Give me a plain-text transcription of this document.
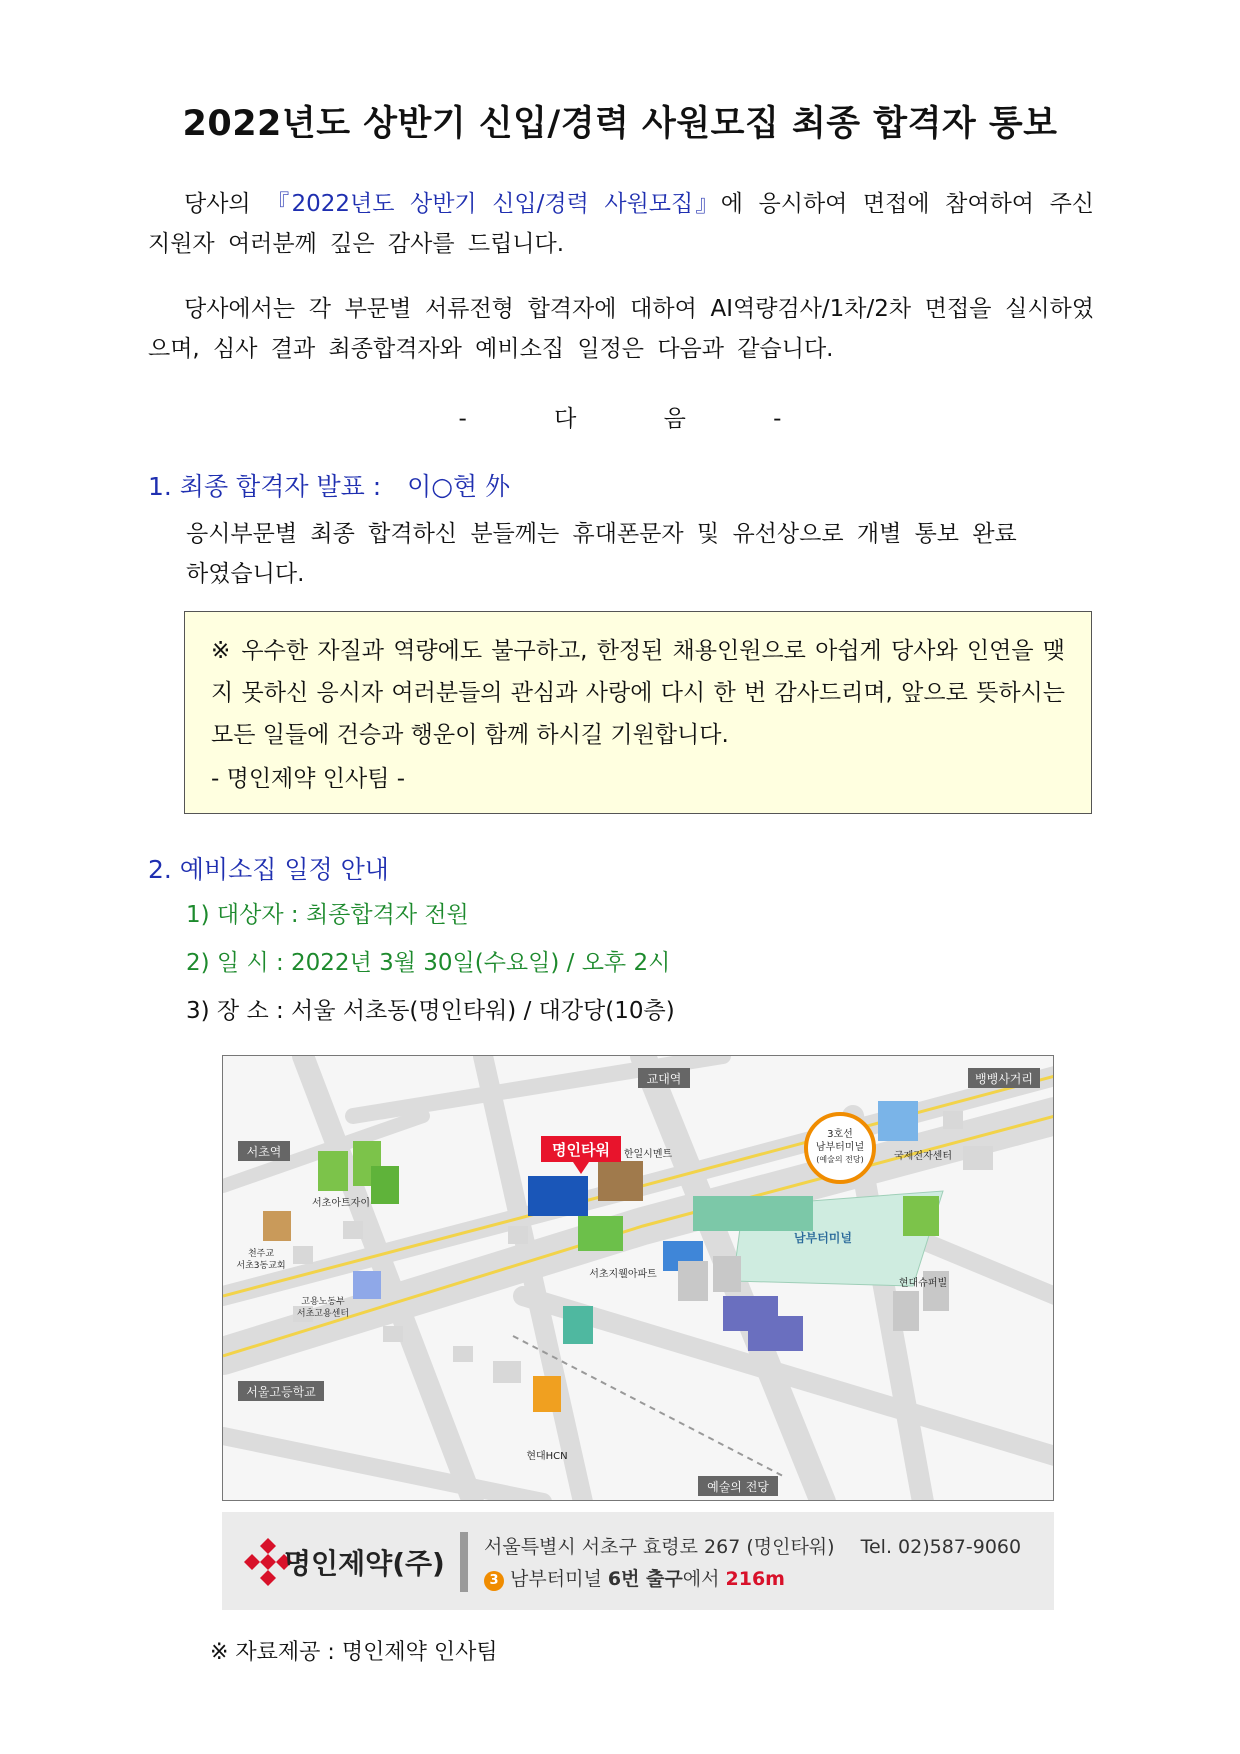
2022년도 상반기 신입/경력 사원모집 최종 합격자 통보
당사의 『2022년도 상반기 신입/경력 사원모집』에 응시하여 면접에 참여하여 주신 지원자 여러분께 깊은 감사를 드립니다.
당사에서는 각 부문별 서류전형 합격자에 대하여 AI역량검사/1차/2차 면접을 실시하였으며, 심사 결과 최종합격자와 예비소집 일정은 다음과 같습니다.
- 다 음 -
1. 최종 합격자 발표 : 이○현 外
응시부문별 최종 합격하신 분들께는 휴대폰문자 및 유선상으로 개별 통보 완료 하였습니다.
※ 우수한 자질과 역량에도 불구하고, 한정된 채용인원으로 아쉽게 당사와 인연을 맺지 못하신 응시자 여러분들의 관심과 사랑에 다시 한 번 감사드리며, 앞으로 뜻하시는 모든 일들에 건승과 행운이 함께 하시길 기원합니다.
- 명인제약 인사팀 -
2. 예비소집 일정 안내
1) 대상자 : 최종합격자 전원
2) 일 시 : 2022년 3월 30일(수요일) / 오후 2시
3) 장 소 : 서울 서초동(명인타워) / 대강당(10층)
교대역	뱅뱅사거리
서초역
서울고등학교
예술의 전당
명인타워
3호선
남부터미널
(예술의 전당)
한일시멘트	국제전자센터
서초아트자이
천주교
서초3동교회
고용노동부
서초고용센터
서초지웰아파트
남부터미널
현대슈퍼빌
현대HCN
명인제약(주) 서울특별시 서초구 효령로 267 (명인타워) Tel. 02)587-9060
3 남부터미널 6번 출구에서 216m
※ 자료제공 : 명인제약 인사팀
